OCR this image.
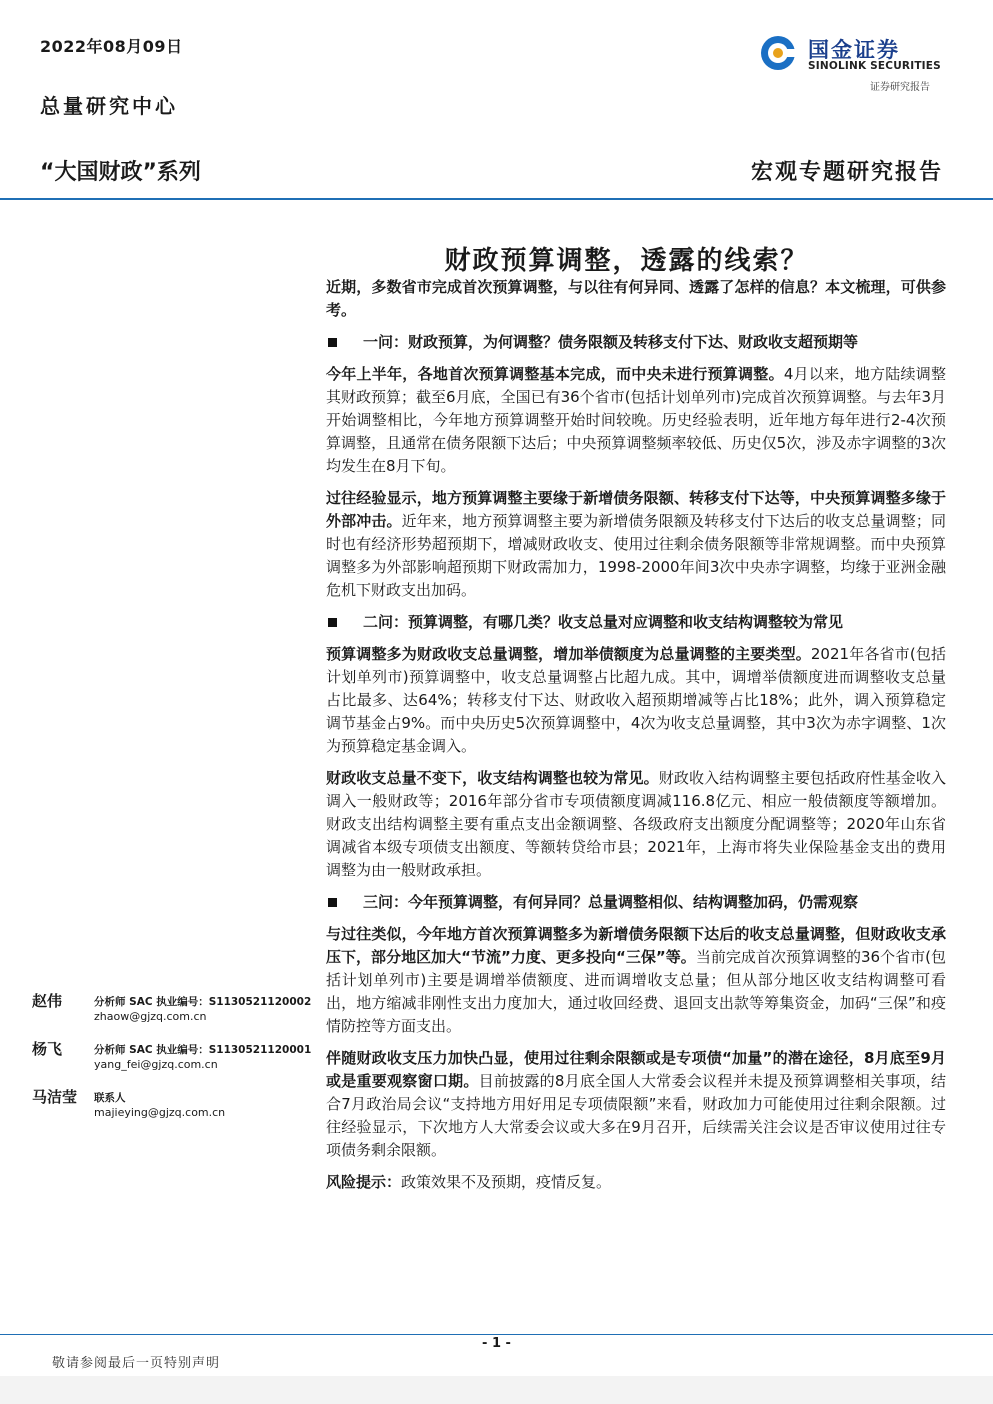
2022年08月09日
总量研究中心
“大国财政”系列	宏观专题研究报告
国金证券
SINOLINK SECURITIES
证券研究报告
财政预算调整，透露的线索？

近期，多数省市完成首次预算调整，与以往有何异同、透露了怎样的信息？本文梳理，可供参考。

一问：财政预算，为何调整？债务限额及转移支付下达、财政收支超预期等

今年上半年，各地首次预算调整基本完成，而中央未进行预算调整。4月以来，地方陆续调整其财政预算；截至6月底，全国已有36个省市(包括计划单列市)完成首次预算调整。与去年3月开始调整相比，今年地方预算调整开始时间较晚。历史经验表明，近年地方每年进行2-4次预算调整，且通常在债务限额下达后；中央预算调整频率较低、历史仅5次，涉及赤字调整的3次均发生在8月下旬。

过往经验显示，地方预算调整主要缘于新增债务限额、转移支付下达等，中央预算调整多缘于外部冲击。近年来，地方预算调整主要为新增债务限额及转移支付下达后的收支总量调整；同时也有经济形势超预期下，增减财政收支、使用过往剩余债务限额等非常规调整。而中央预算调整多为外部影响超预期下财政需加力，1998-2000年间3次中央赤字调整，均缘于亚洲金融危机下财政支出加码。

二问：预算调整，有哪几类？收支总量对应调整和收支结构调整较为常见

预算调整多为财政收支总量调整，增加举债额度为总量调整的主要类型。2021年各省市(包括计划单列市)预算调整中，收支总量调整占比超九成。其中，调增举债额度进而调整收支总量占比最多、达64%；转移支付下达、财政收入超预期增减等占比18%；此外，调入预算稳定调节基金占9%。而中央历史5次预算调整中，4次为收支总量调整，其中3次为赤字调整、1次为预算稳定基金调入。

财政收支总量不变下，收支结构调整也较为常见。财政收入结构调整主要包括政府性基金收入调入一般财政等；2016年部分省市专项债额度调减116.8亿元、相应一般债额度等额增加。财政支出结构调整主要有重点支出金额调整、各级政府支出额度分配调整等；2020年山东省调减省本级专项债支出额度、等额转贷给市县；2021年，上海市将失业保险基金支出的费用调整为由一般财政承担。

三问：今年预算调整，有何异同？总量调整相似、结构调整加码，仍需观察

与过往类似，今年地方首次预算调整多为新增债务限额下达后的收支总量调整，但财政收支承压下，部分地区加大“节流”力度、更多投向“三保”等。当前完成首次预算调整的36个省市(包括计划单列市)主要是调增举债额度、进而调增收支总量；但从部分地区收支结构调整可看出，地方缩减非刚性支出力度加大，通过收回经费、退回支出款等筹集资金，加码“三保”和疫情防控等方面支出。

伴随财政收支压力加快凸显，使用过往剩余限额或是专项债“加量”的潜在途径，8月底至9月或是重要观察窗口期。目前披露的8月底全国人大常委会议程并未提及预算调整相关事项，结合7月政治局会议“支持地方用好用足专项债限额”来看，财政加力可能使用过往剩余限额。过往经验显示，下次地方人大常委会议或大多在9月召开，后续需关注会议是否审议使用过往专项债务剩余限额。

风险提示：政策效果不及预期，疫情反复。

赵伟	分析师 SAC 执业编号：S1130521120002
zhaow@gjzq.com.cn
杨飞	分析师 SAC 执业编号：S1130521120001
yang_fei@gjzq.com.cn
马洁莹 联系人
majieying@gjzq.com.cn
- 1 -
敬请参阅最后一页特别声明
